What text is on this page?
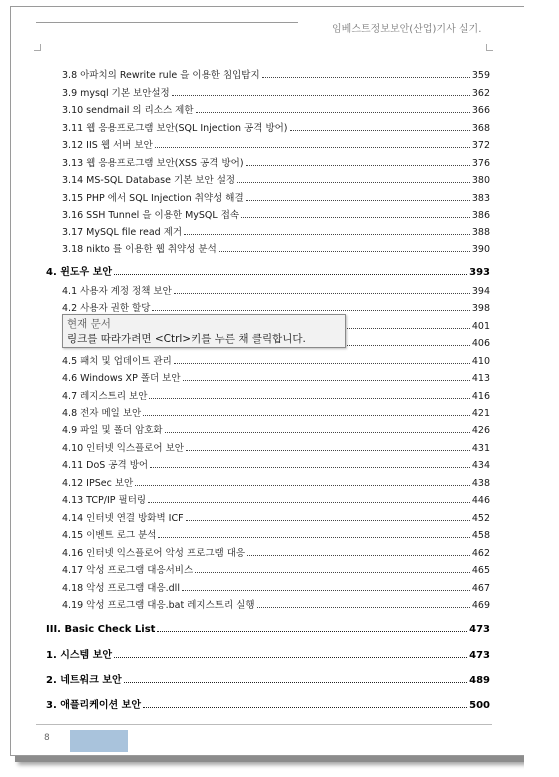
임베스트정보보안(산업)기사 실기.
3.8 아파치의 Rewrite rule 을 이용한 침입탐지	359
3.9 mysql 기본 보안설정	362
3.10 sendmail 의 리소스 제한	366
3.11 웹 응용프로그램 보안(SQL Injection 공격 방어)	368
3.12 IIS 웹 서버 보안	372
3.13 웹 응용프로그램 보안(XSS 공격 방어)	376
3.14 MS-SQL Database 기본 보안 설정	380
3.15 PHP 에서 SQL Injection 취약성 해결	383
3.16 SSH Tunnel 을 이용한 MySQL 접속	386
3.17 MySQL file read 제거	388
3.18 nikto 를 이용한 웹 취약성 분석	390
4. 윈도우 보안	393
4.1 사용자 계정 정책 보안	394
4.2 사용자 권한 할당	398
401
406
4.5 패치 및 업데이트 관리	410
4.6 Windows XP 폴더 보안	413
4.7 레지스트리 보안	416
4.8 전자 메일 보안	421
4.9 파일 및 폴더 암호화	426
4.10 인터넷 익스플로어 보안	431
4.11 DoS 공격 방어	434
4.12 IPSec 보안	438
4.13 TCP/IP 필터링	446
4.14 인터넷 연결 방화벽 ICF	452
4.15 이벤트 로그 분석	458
4.16 인터넷 익스플로어 악성 프로그램 대응	462
4.17 악성 프로그램 대응서비스	465
4.18 악성 프로그램 대응.dll	467
4.19 악성 프로그램 대응.bat 레지스트리 실행	469
III. Basic Check List	473
1. 시스템 보안	473
2. 네트워크 보안	489
3. 애플리케이션 보안	500
현재 문서
링크를 따라가려면 <Ctrl>키를 누른 채 클릭합니다.
8
